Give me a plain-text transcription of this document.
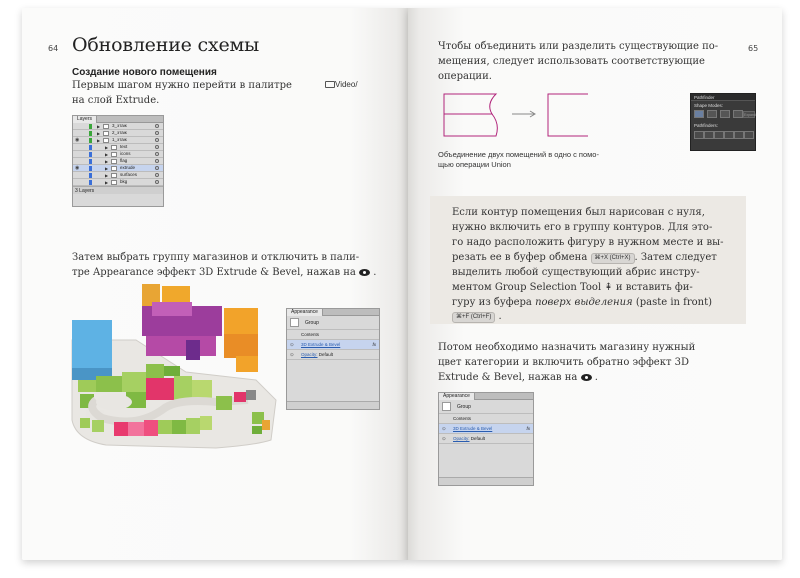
64 Обновление схемы
Создание нового помещения
Первым шагом нужно перейти в палитре
на слой Extrude.
Video/
Layers
▶	3_этаж
▶	2_этаж
◉	▶	1_этаж
▶	text
▶	icons
▶	flag
◉	▶	extrude
▶	surfaces
▶	bkg
3 Layers
Затем выбрать группу магазинов и отключить в пали-
тре Appearance эффект 3D Extrude & Bevel, нажав на
.
Appearance
Group
Contents
⊙ 3D Extrude & Bevel	fx
⊙ Opacity: Default
65
Чтобы объединить или разделить существующие по-
мещения, следует использовать соответствующие
операции.
Объединение двух помещений в одно с помо-
щью операции Union
Pathfinder
Shape Modes:
Expand
Pathfinders:
Если контур помещения был нарисован с нуля,
нужно включить его в группу контуров. Для это-
го надо расположить фигуру в нужном месте и вы-
резать ее в буфер обмена ⌘+X (Ctrl+X) . Затем следует
выделить любой существующий абрис инстру-
ментом Group Selection Tool ⇞ и вставить фи-
гуру из буфера поверх выделения (paste in front)
⌘+F (Ctrl+F) .
Потом необходимо назначить магазину нужный
цвет категории и включить обратно эффект 3D
Extrude & Bevel, нажав на
.
Appearance
Group
Contents
⊙ 3D Extrude & Bevel	fx
⊙ Opacity: Default
